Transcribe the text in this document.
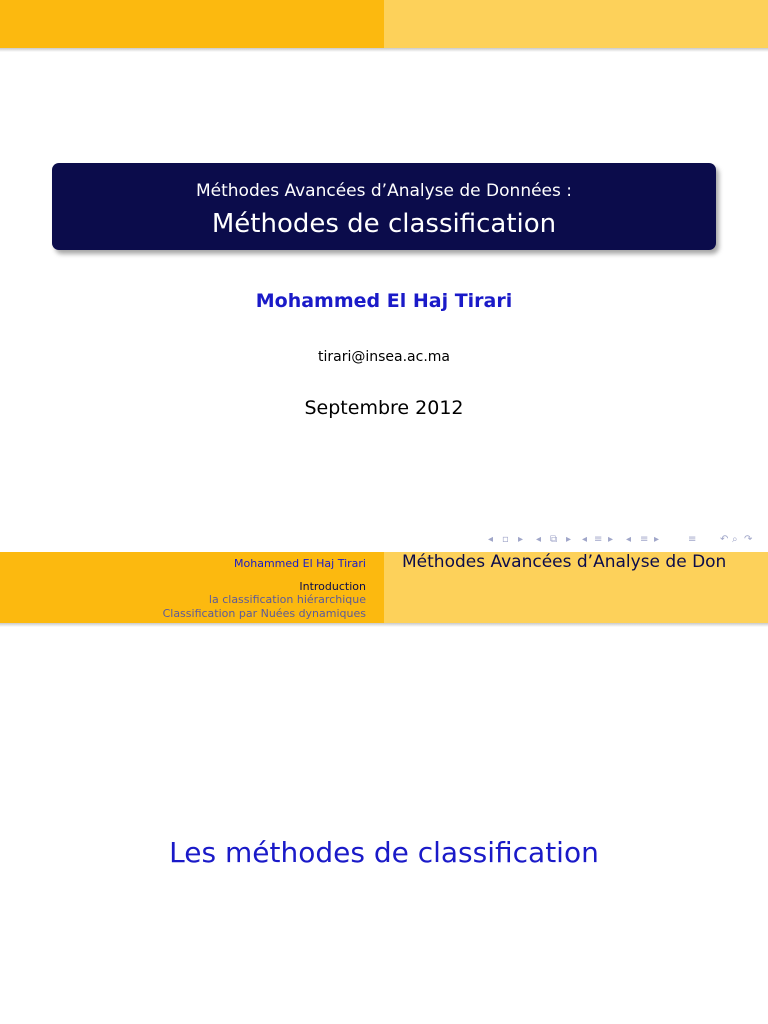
Méthodes Avancées d’Analyse de Données :
Méthodes de classification
Mohammed El Haj Tirari
tirari@insea.ac.ma
Septembre 2012
◂ ▫ ▸ ◂ ⧉ ▸ ◂ ≡ ▸ ◂ ≡ ▸	≡ ↶ ⌕ ↷
Mohammed El Haj Tirari
Introduction
la classification hiérarchique
Classification par Nuées dynamiques
Méthodes Avancées d’Analyse de Don
Les méthodes de classification
